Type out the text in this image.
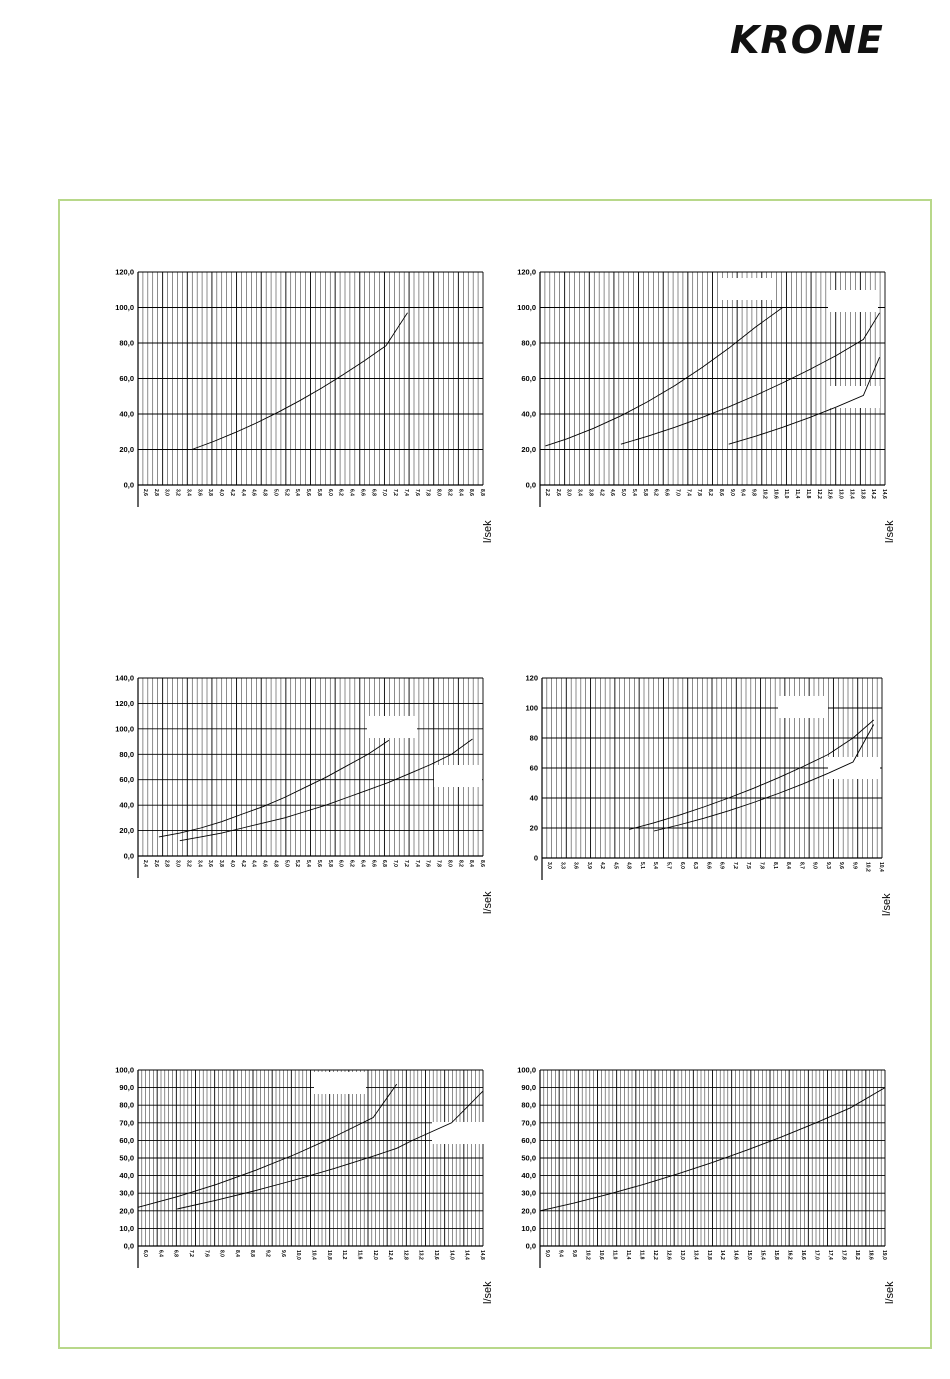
KRONE
120,0
100,0
80,0
60,0
40,0
20,0
0,0
2,6 2,8 3,0 3,2 3,4 3,6 3,8 4,0 4,2 4,4 4,6 4,8 5,0 5,2 5,4 5,6 5,8 6,0 6,2 6,4 6,6 6,8 7,0 7,2 7,4 7,6 7,8 8,0 8,2 8,4 8,6 8,8
l/sek
120,0
100,0
80,0
60,0
40,0
20,0
0,0
2,2 2,6 3,0 3,4 3,8 4,2 4,6 5,0 5,4 5,8 6,2 6,6 7,0 7,4 7,8 8,2 8,6 9,0 9,4 9,8 10,2 10,6 11,0 11,4 11,8 12,2 12,6 13,0 13,4 13,8 14,2 14,6
l/sek
140,0
120,0
100,0
80,0
60,0
40,0
20,0
0,0
2,4 2,6 2,8 3,0 3,2 3,4 3,6 3,8 4,0 4,2 4,4 4,6 4,8 5,0 5,2 5,4 5,6 5,8 6,0 6,2 6,4 6,6 6,8 7,0 7,2 7,4 7,6 7,8 8,0 8,2 8,4 8,6
l/sek
120
100
80
60
40
20
0
3,0 3,3 3,6 3,9 4,2 4,5 4,8 5,1 5,4 5,7 6,0 6,3 6,6 6,9 7,2 7,5 7,8 8,1 8,4 8,7 9,0 9,3 9,6 9,9 10,2 10,4
l/sek
100,0
90,0
80,0
70,0
60,0
50,0
40,0
30,0
20,0
10,0
0,0
6,0 6,4 6,8 7,2 7,6 8,0 8,4 8,8 9,2 9,6 10,0 10,4 10,8 11,2 11,6 12,0 12,4 12,8 13,2 13,6 14,0 14,4 14,8
l/sek
100,0
90,0
80,0
70,0
60,0
50,0
40,0
30,0
20,0
10,0
0,0
9,0 9,4 9,8 10,2 10,6 11,0 11,4 11,8 12,2 12,6 13,0 13,4 13,8 14,2 14,6 15,0 15,4 15,8 16,2 16,6 17,0 17,4 17,8 18,2 18,6 19,0
l/sek
